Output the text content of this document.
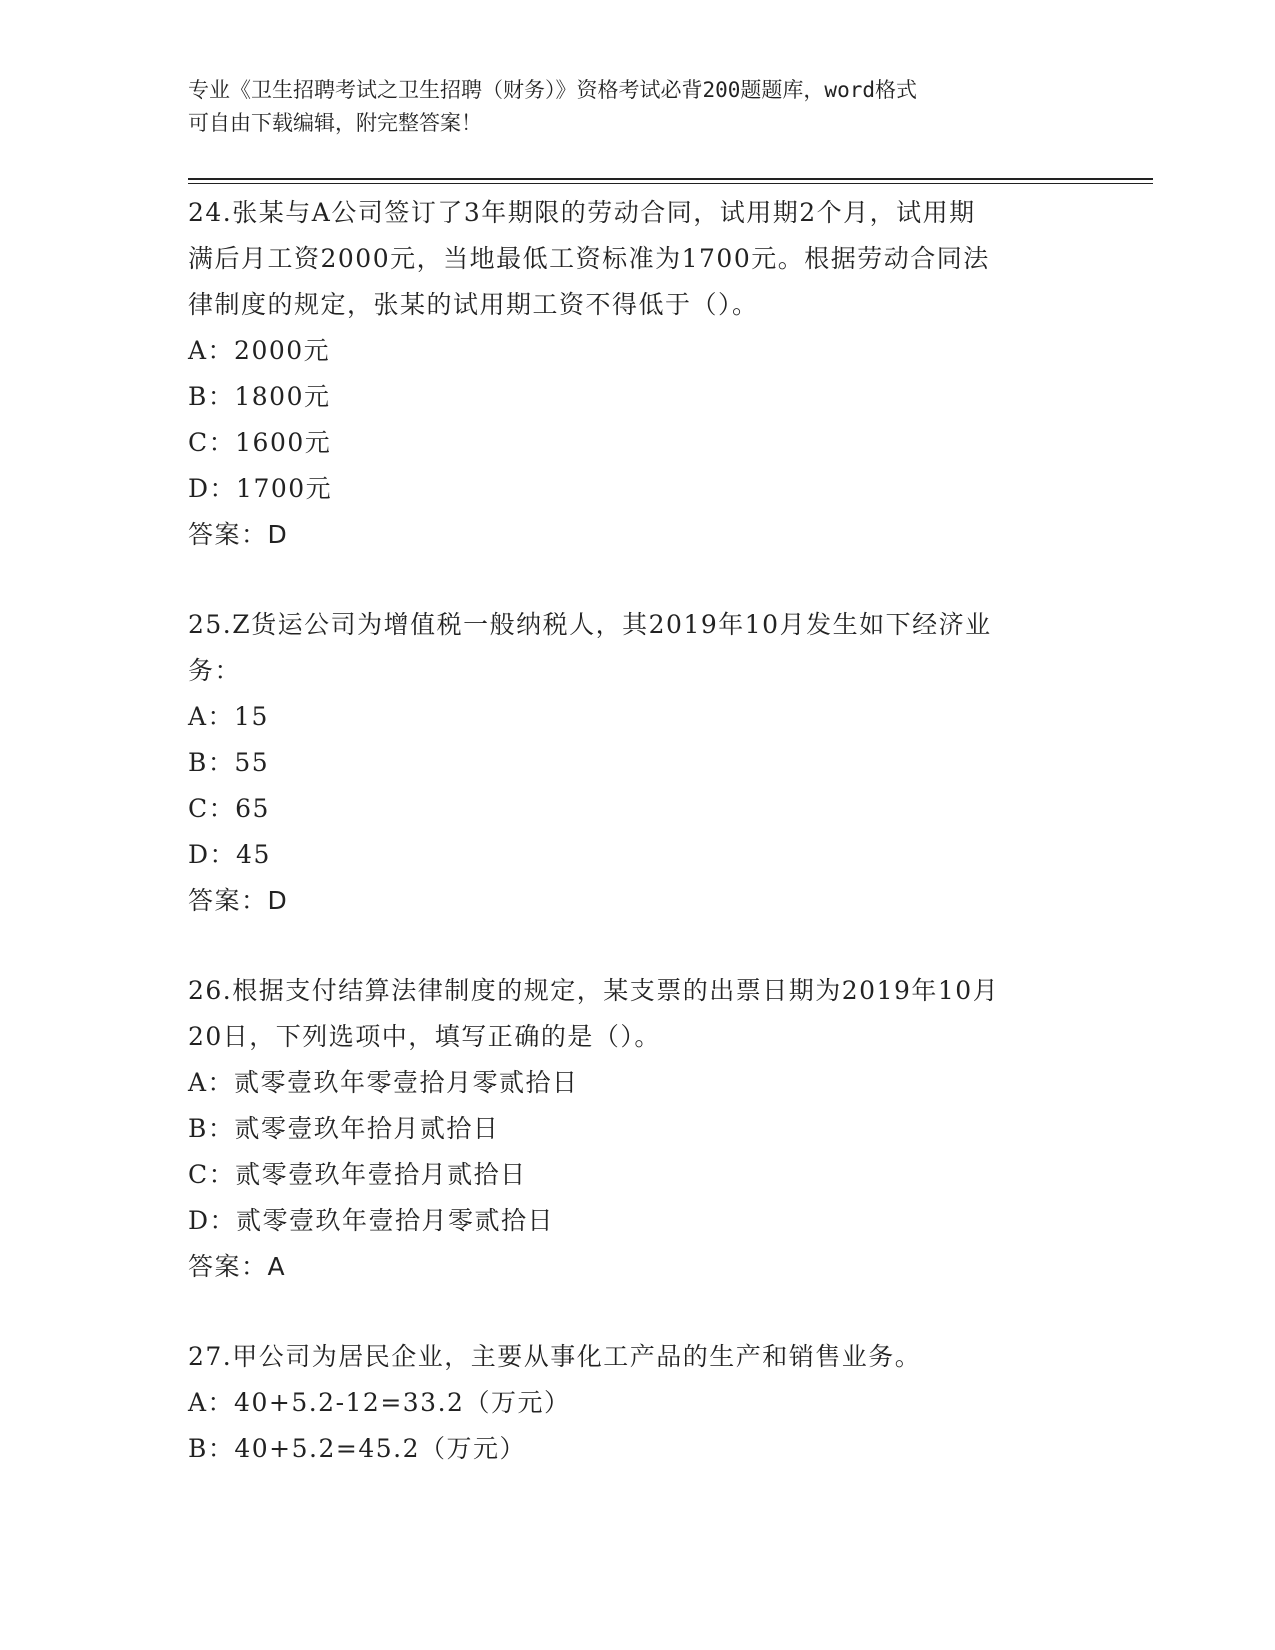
专业《卫生招聘考试之卫生招聘（财务）》资格考试必背200题题库，word格式
可自由下载编辑，附完整答案！
24.张某与A公司签订了3年期限的劳动合同，试用期2个月，试用期
满后月工资2000元，当地最低工资标准为1700元。根据劳动合同法
律制度的规定，张某的试用期工资不得低于（）。
A：2000元
B：1800元
C：1600元
D：1700元
答案：D
25.Z货运公司为增值税一般纳税人，其2019年10月发生如下经济业
务：
A：15
B：55
C：65
D：45
答案：D
26.根据支付结算法律制度的规定，某支票的出票日期为2019年10月
20日，下列选项中，填写正确的是（）。
A：贰零壹玖年零壹拾月零贰拾日
B：贰零壹玖年拾月贰拾日
C：贰零壹玖年壹拾月贰拾日
D：贰零壹玖年壹拾月零贰拾日
答案：A
27.甲公司为居民企业，主要从事化工产品的生产和销售业务。
A：40+5.2-12=33.2（万元）
B：40+5.2=45.2（万元）
